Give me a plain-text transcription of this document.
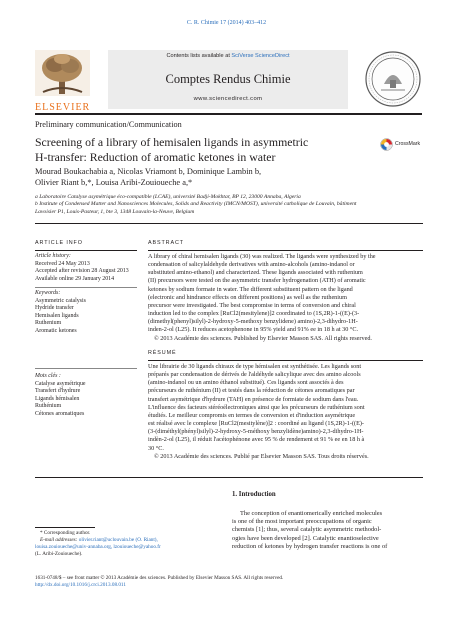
C. R. Chimie 17 (2014) 403–412
ELSEVIER
Contents lists available at SciVerse ScienceDirect
Comptes Rendus Chimie
www.sciencedirect.com
Preliminary communication/Communication
Screening of a library of hemisalen ligands in asymmetric
H-transfer: Reduction of aromatic ketones in water
CrossMark
Mourad Boukachabia a, Nicolas Vriamont b, Dominique Lambin b,
Olivier Riant b,*, Louisa Aribi-Zouioueche a,*
a Laboratoire Catalyse asymétrique éco-compatible (LCAE), université Badji-Mokhtar, BP 12, 23000 Annaba, Algeria
b Institute of Condensed Matter and Nanosciences Molecules, Solids and Reactivity (IMCN/MOST), université catholique de Louvain, bâtiment
Lavoisier P1, Louis-Pasteur, 1, bte 3, 1348 Louvain-la-Neuve, Belgium
ARTICLE INFO
Article history:
Received 24 May 2013
Accepted after revision 28 August 2013
Available online 29 January 2014
Keywords:
Asymmetric catalysis
Hydride transfer
Hemisalen ligands
Ruthenium
Aromatic ketones
Mots clés :
Catalyse asymétrique
Transfert d'hydrure
Ligands hémisalen
Ruthénium
Cétones aromatiques
ABSTRACT
A library of chiral hemisalen ligands (30) was realized. The ligands were synthesized by the
condensation of salicylaldehyde derivatives with amino-alcohols (amino-indanol or
substituted amino-ethanol) and characterized. These ligands associated with ruthenium
(II) precursors were tested on the asymmetric transfer hydrogenation (ATH) of aromatic
ketones by sodium formate in water. The different substituent pattern on the ligand
(electronic and hindrance effects on different positions) as well as the ruthenium
precursor were investigated. The best compromise in terms of conversion and chiral
induction led to the complex [RuCl2(mesitylene)]2 coordinated to (1S,2R)-1-((E)-(3-
(dimethyl(phenyl)silyl)-2-hydroxy-5-methoxy benzylidene) amino)-2,3-dihydro-1H-
inden-2-ol (L25). It reduces acetophenone in 95% yield and 91% ee in 18 h at 30 °C.
© 2013 Académie des sciences. Published by Elsevier Masson SAS. All rights reserved.
RÉSUMÉ
Une librairie de 30 ligands chiraux de type hémisalen est synthétisée. Les ligands sont
préparés par condensation de dérivés de l'aldéhyde salicylique avec des amino alcools
(amino-indanol ou un amino éthanol substitué). Ces ligands sont associés à des
précurseurs de ruthénium (II) et testés dans la réduction de cétones aromatiques par
transfert asymétrique d'hydrure (TAH) en présence de formiate de sodium dans l'eau.
L'influence des facteurs stéréoélectroniques ainsi que les précurseurs de ruthénium sont
étudiés. Le meilleur compromis en termes de conversion et d'induction asymétrique
est réalisé avec le complexe [RuCl2(mesitylène)]2 : coordiné au ligand (1S,2R)-1-((E)-
(3-(diméthyl(phényl)silyl)-2-hydroxy-5-méthoxy benzylidène)amino)-2,3-dihydro-1H-
indèn-2-ol (L25), il réduit l'acétophénone avec 95 % de rendement et 91 % ee en 18 h à
30 °C.
© 2013 Académie des sciences. Publié par Elsevier Masson SAS. Tous droits réservés.
1. Introduction
The conception of enantiomerically enriched molecules
is one of the most important preoccupations of organic
chemists [1]; thus, several catalytic asymmetric methodol-
ogies have been developed [2]. Catalytic enantioselective
reduction of ketones by hydrogen transfer reactions is one of
* Corresponding author.
E-mail addresses: olivier.riant@uclouvain.be (O. Riant),
louisa.zouioueche@univ-annaba.org, lzouioueche@yahoo.fr
(L. Aribi-Zouioueche).
1631-0748/$ – see front matter © 2013 Académie des sciences. Published by Elsevier Masson SAS. All rights reserved.
http://dx.doi.org/10.1016/j.crci.2013.08.011
